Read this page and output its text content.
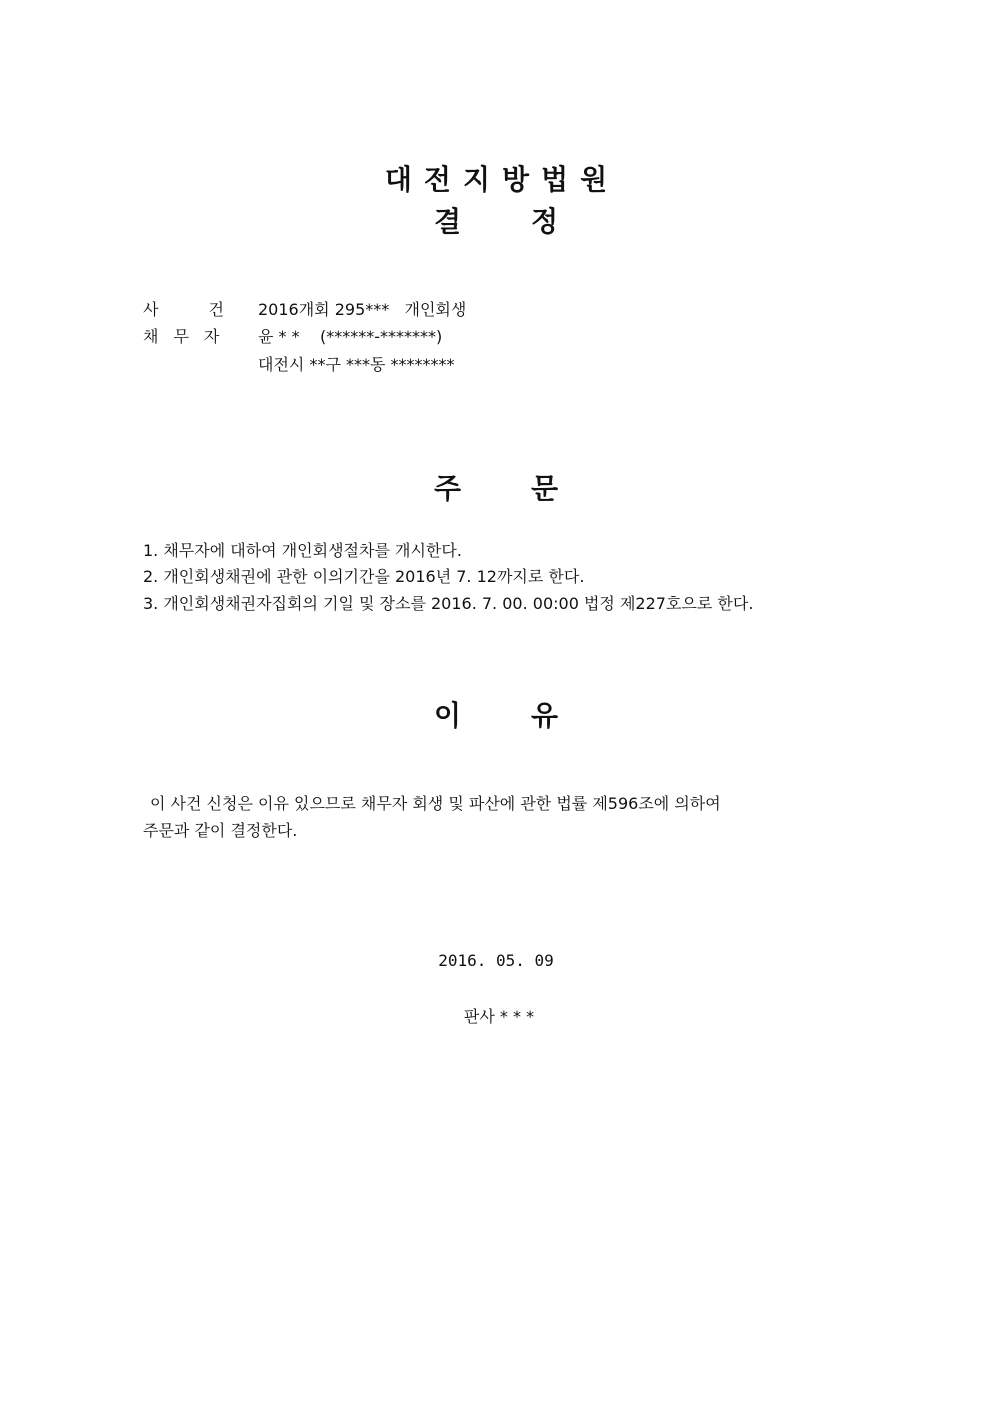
대전지방법원
결정
사건
2016개회 295***   개인회생
채무자 윤 * *    (******-*******)
대전시 **구 ***동 ********
주문
1. 채무자에 대하여 개인회생절차를 개시한다.
2. 개인회생채권에 관한 이의기간을 2016년 7. 12까지로 한다.
3. 개인회생채권자집회의 기일 및 장소를 2016. 7. 00. 00:00 법정 제227호으로 한다.
이유
이 사건 신청은 이유 있으므로 채무자 회생 및 파산에 관한 법률 제596조에 의하여
주문과 같이 결정한다.
2016. 05. 09
판사 * * *
